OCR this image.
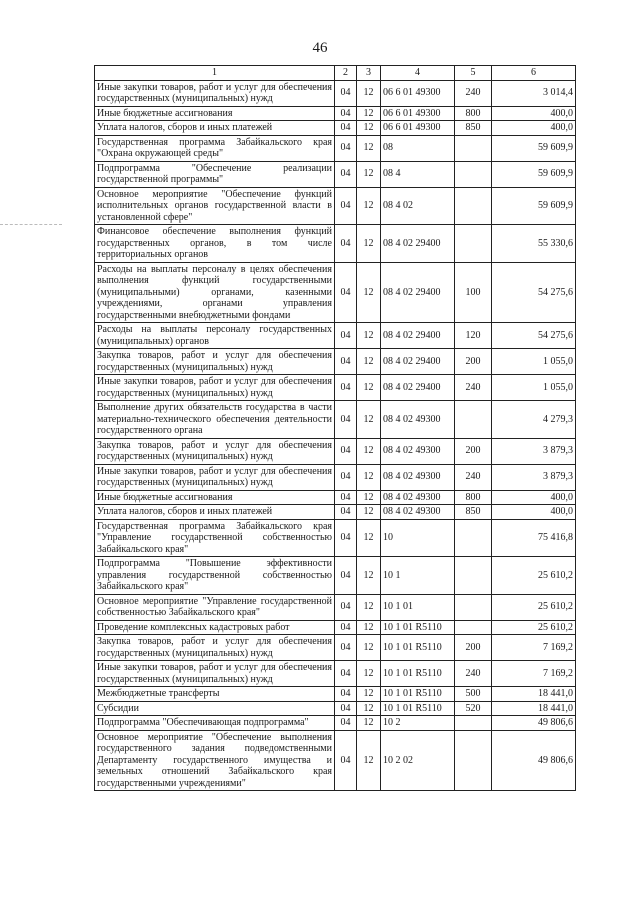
46
1	2	3	4	5	6
Иные закупки товаров, работ и услуг для обеспечения государственных (муниципальных) нужд	04	12	06 6 01 49300	240	3 014,4
Иные бюджетные ассигнования	04	12	06 6 01 49300	800	400,0
Уплата налогов, сборов и иных платежей	04	12	06 6 01 49300	850	400,0
Государственная программа Забайкальского края "Охрана окружающей среды"	04	12	08		59 609,9
Подпрограмма "Обеспечение реализации государственной программы"	04	12	08 4		59 609,9
Основное мероприятие "Обеспечение функций исполнительных органов государственной власти в установленной сфере"	04	12	08 4 02		59 609,9
Финансовое обеспечение выполнения функций государственных органов, в том числе территориальных органов	04	12	08 4 02 29400		55 330,6
Расходы на выплаты персоналу в целях обеспечения выполнения функций государственными (муниципальными) органами, казенными учреждениями, органами управления государственными внебюджетными фондами	04	12	08 4 02 29400	100	54 275,6
Расходы на выплаты персоналу государственных (муниципальных) органов	04	12	08 4 02 29400	120	54 275,6
Закупка товаров, работ и услуг для обеспечения государственных (муниципальных) нужд	04	12	08 4 02 29400	200	1 055,0
Иные закупки товаров, работ и услуг для обеспечения государственных (муниципальных) нужд	04	12	08 4 02 29400	240	1 055,0
Выполнение других обязательств государства в части материально-технического обеспечения деятельности государственного органа	04	12	08 4 02 49300		4 279,3
Закупка товаров, работ и услуг для обеспечения государственных (муниципальных) нужд	04	12	08 4 02 49300	200	3 879,3
Иные закупки товаров, работ и услуг для обеспечения государственных (муниципальных) нужд	04	12	08 4 02 49300	240	3 879,3
Иные бюджетные ассигнования	04	12	08 4 02 49300	800	400,0
Уплата налогов, сборов и иных платежей	04	12	08 4 02 49300	850	400,0
Государственная программа Забайкальского края "Управление государственной собственностью Забайкальского края"	04	12	10		75 416,8
Подпрограмма "Повышение эффективности управления государственной собственностью Забайкальского края"	04	12	10 1		25 610,2
Основное мероприятие "Управление государственной собственностью Забайкальского края"	04	12	10 1 01		25 610,2
Проведение комплексных кадастровых работ	04	12	10 1 01 R5110		25 610,2
Закупка товаров, работ и услуг для обеспечения государственных (муниципальных) нужд	04	12	10 1 01 R5110	200	7 169,2
Иные закупки товаров, работ и услуг для обеспечения государственных (муниципальных) нужд	04	12	10 1 01 R5110	240	7 169,2
Межбюджетные трансферты	04	12	10 1 01 R5110	500	18 441,0
Субсидии	04	12	10 1 01 R5110	520	18 441,0
Подпрограмма "Обеспечивающая подпрограмма"	04	12	10 2		49 806,6
Основное мероприятие "Обеспечение выполнения государственного задания подведомственными Департаменту государственного имущества и земельных отношений Забайкальского края государственными учреждениями"	04	12	10 2 02		49 806,6
